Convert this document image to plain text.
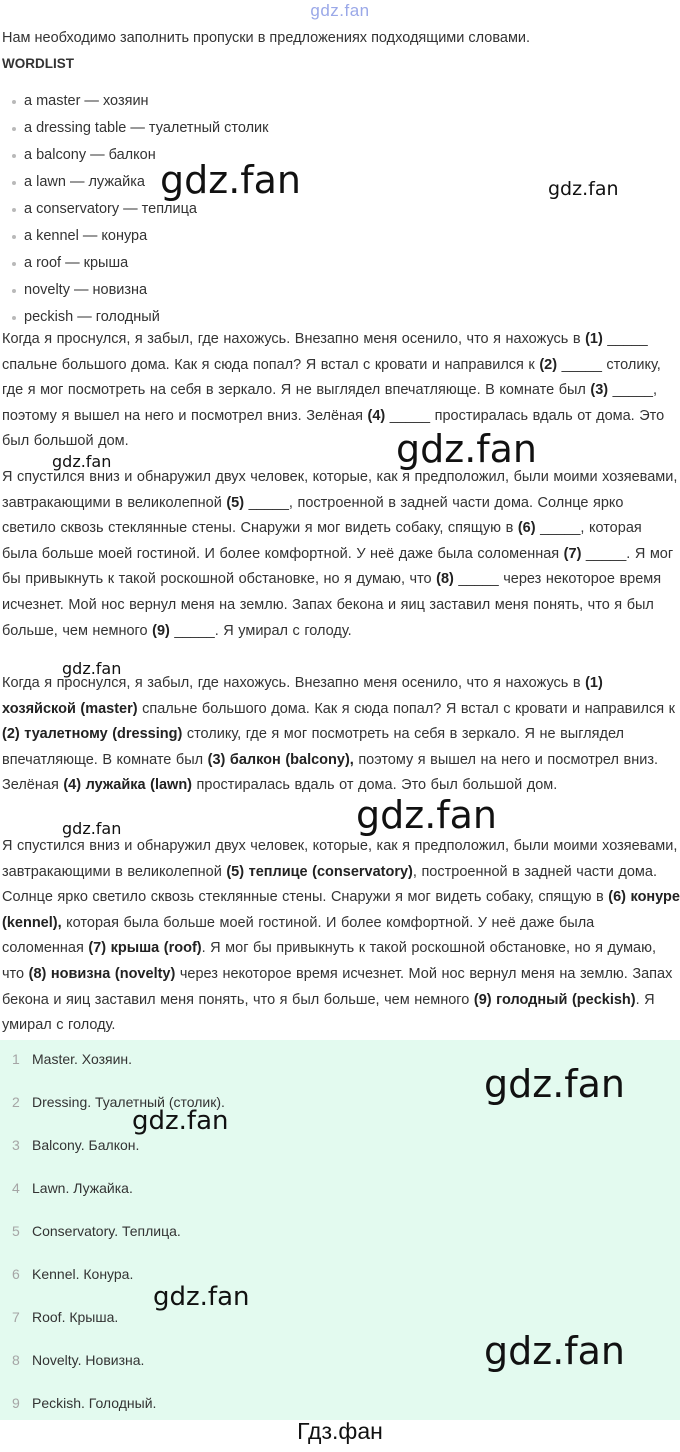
gdz.fan
Нам необходимо заполнить пропуски в предложениях подходящими словами.
WORDLIST
a master — хозяин
a dressing table — туалетный столик
a balcony — балкон
a lawn — лужайка
a conservatory — теплица
a kennel — конура
a roof — крыша
novelty — новизна
peckish — голодный

Когда я проснулся, я забыл, где нахожусь. Внезапно меня осенило, что я нахожусь в (1) _____ спальне большого дома. Как я сюда попал? Я встал с кровати и направился к (2) _____ столику, где я мог посмотреть на себя в зеркало. Я не выглядел впечатляюще. В комнате был (3) _____, поэтому я вышел на него и посмотрел вниз. Зелёная (4) _____ простиралась вдаль от дома. Это был большой дом.

Я спустился вниз и обнаружил двух человек, которые, как я предположил, были моими хозяевами, завтракающими в великолепной (5) _____, построенной в задней части дома. Солнце ярко светило сквозь стеклянные стены. Снаружи я мог видеть собаку, спящую в (6) _____, которая была больше моей гостиной. И более комфортной. У неё даже была соломенная (7) _____. Я мог бы привыкнуть к такой роскошной обстановке, но я думаю, что (8) _____ через некоторое время исчезнет. Мой нос вернул меня на землю. Запах бекона и яиц заставил меня понять, что я был больше, чем немного (9) _____. Я умирал с голоду.

Когда я проснулся, я забыл, где нахожусь. Внезапно меня осенило, что я нахожусь в (1) хозяйской (master) спальне большого дома. Как я сюда попал? Я встал с кровати и направился к (2) туалетному (dressing) столику, где я мог посмотреть на себя в зеркало. Я не выглядел впечатляюще. В комнате был (3) балкон (balcony), поэтому я вышел на него и посмотрел вниз. Зелёная (4) лужайка (lawn) простиралась вдаль от дома. Это был большой дом.

Я спустился вниз и обнаружил двух человек, которые, как я предположил, были моими хозяевами, завтракающими в великолепной (5) теплице (conservatory), построенной в задней части дома. Солнце ярко светило сквозь стеклянные стены. Снаружи я мог видеть собаку, спящую в (6) конуре (kennel), которая была больше моей гостиной. И более комфортной. У неё даже была соломенная (7) крыша (roof). Я мог бы привыкнуть к такой роскошной обстановке, но я думаю, что (8) новизна (novelty) через некоторое время исчезнет. Мой нос вернул меня на землю. Запах бекона и яиц заставил меня понять, что я был больше, чем немного (9) голодный (peckish). Я умирал с голоду.

1 Master. Хозяин.
2 Dressing. Туалетный (столик).
3 Balcony. Балкон.
4 Lawn. Лужайка.
5 Conservatory. Теплица.
6 Kennel. Конура.
7 Roof. Крыша.
8 Novelty. Новизна.
9 Peckish. Голодный.
gdz.fan	gdz.fan
gdz.fan
gdz.fan
gdz.fan
gdz.fan
gdz.fan
gdz.fan
gdz.fan
gdz.fan
gdz.fan
Гдз.фан
